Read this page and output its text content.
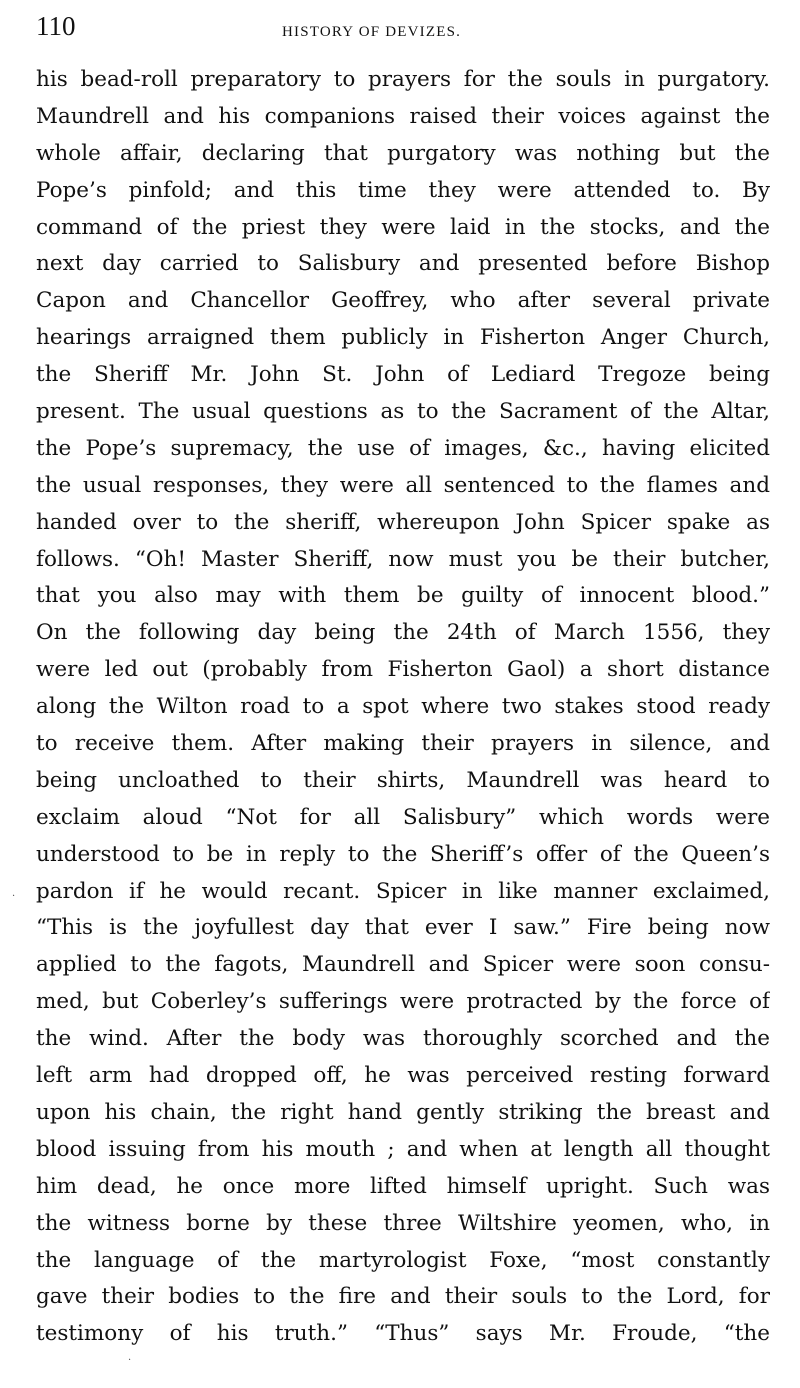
110	HISTORY OF DEVIZES.
his bead-roll preparatory to prayers for the souls in purgatory.
Maundrell and his companions raised their voices against the
whole affair, declaring that purgatory was nothing but the
Pope’s pinfold; and this time they were attended to. By
command of the priest they were laid in the stocks, and the
next day carried to Salisbury and presented before Bishop
Capon and Chancellor Geoffrey, who after several private
hearings arraigned them publicly in Fisherton Anger Church,
the Sheriff Mr. John St. John of Lediard Tregoze being
present. The usual questions as to the Sacrament of the Altar,
the Pope’s supremacy, the use of images, &c., having elicited
the usual responses, they were all sentenced to the flames and
handed over to the sheriff, whereupon John Spicer spake as
follows. “Oh! Master Sheriff, now must you be their butcher,
that you also may with them be guilty of innocent blood.”
On the following day being the 24th of March 1556, they
were led out (probably from Fisherton Gaol) a short distance
along the Wilton road to a spot where two stakes stood ready
to receive them. After making their prayers in silence, and
being uncloathed to their shirts, Maundrell was heard to
exclaim aloud “Not for all Salisbury” which words were
understood to be in reply to the Sheriff’s offer of the Queen’s
pardon if he would recant. Spicer in like manner exclaimed,
“This is the joyfullest day that ever I saw.” Fire being now
applied to the fagots, Maundrell and Spicer were soon consu-
med, but Coberley’s sufferings were protracted by the force of
the wind. After the body was thoroughly scorched and the
left arm had dropped off, he was perceived resting forward
upon his chain, the right hand gently striking the breast and
blood issuing from his mouth ; and when at length all thought
him dead, he once more lifted himself upright. Such was
the witness borne by these three Wiltshire yeomen, who, in
the language of the martyrologist Foxe, “most constantly
gave their bodies to the fire and their souls to the Lord, for
testimony of his truth.” “Thus” says Mr. Froude, “the
·
·
